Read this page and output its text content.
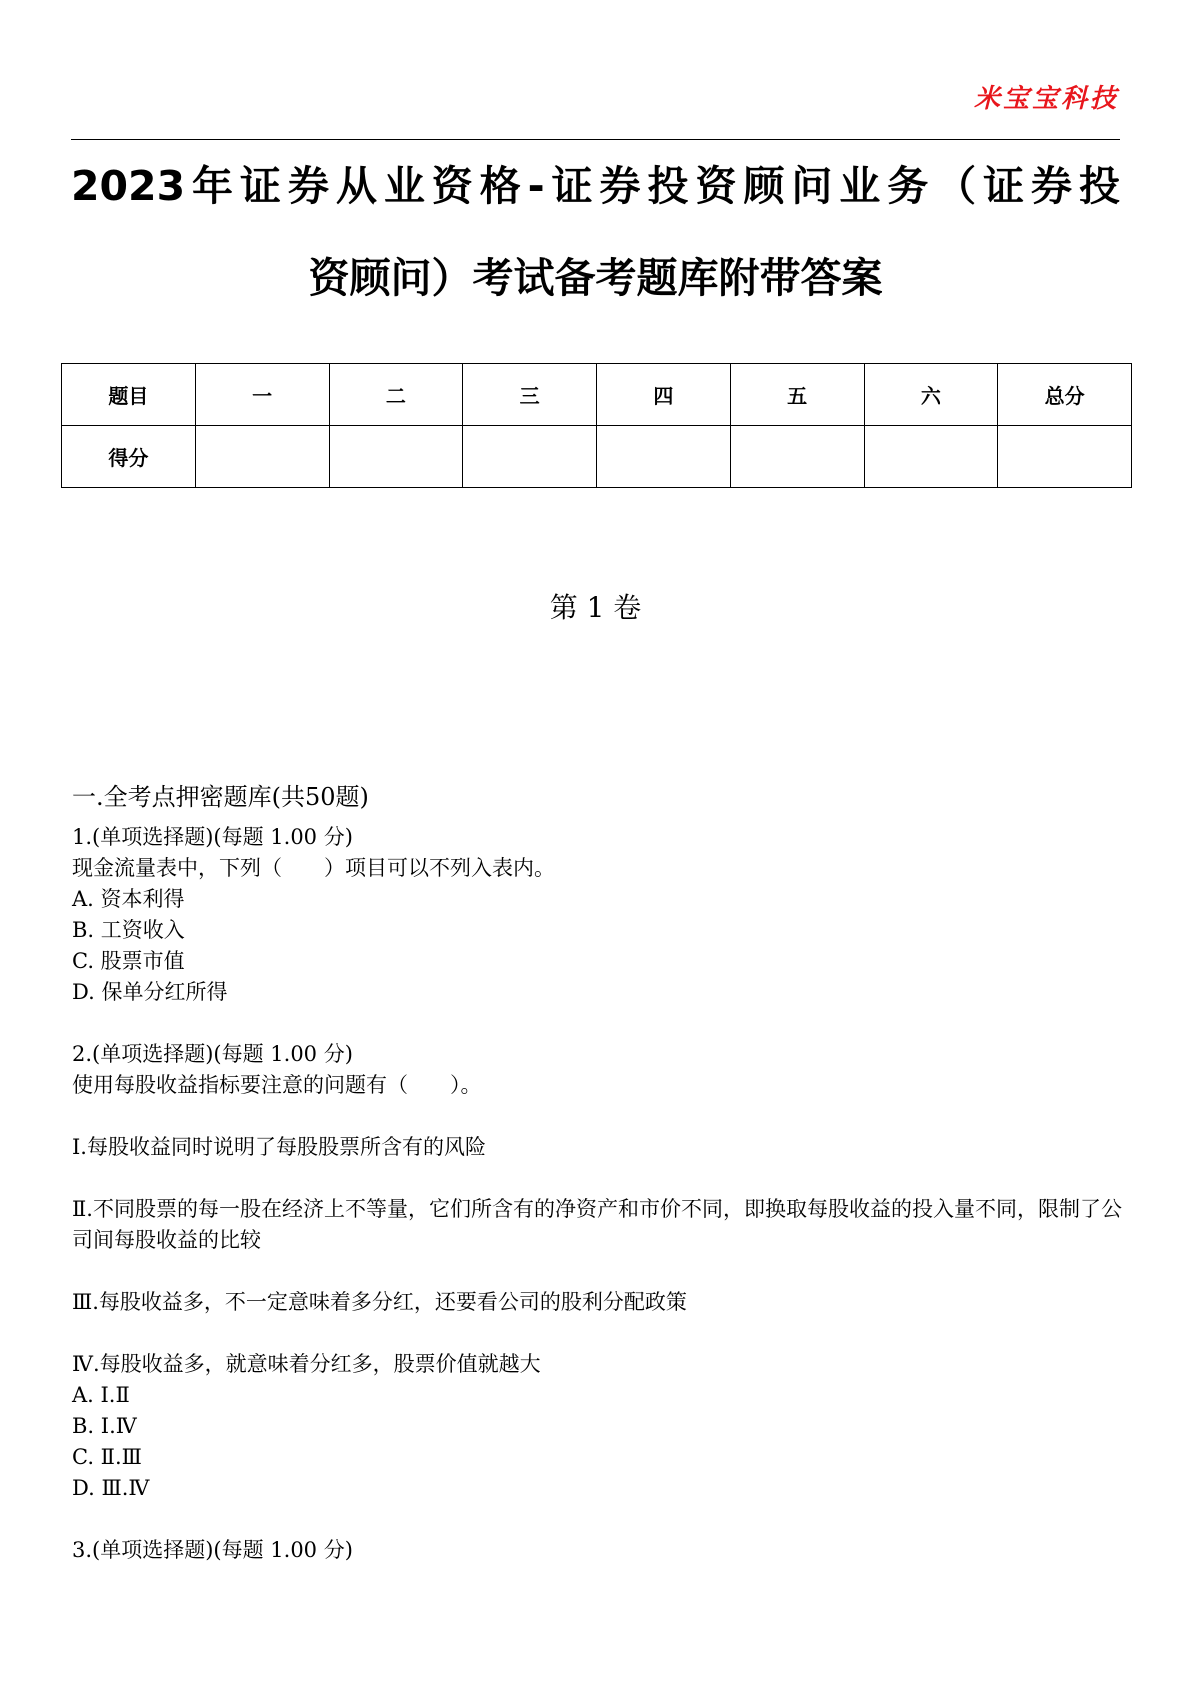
米宝宝科技
2023年证券从业资格-证券投资顾问业务（证券投
资顾问）考试备考题库附带答案
题目	一	二	三	四	五	六	总分
得分							
第 1 卷
一.全考点押密题库(共50题)
1.(单项选择题)(每题 1.00 分)
现金流量表中，下列（　　）项目可以不列入表内。
A. 资本利得
B. 工资收入
C. 股票市值
D. 保单分红所得
2.(单项选择题)(每题 1.00 分)
使用每股收益指标要注意的问题有（　　）。
Ⅰ.每股收益同时说明了每股股票所含有的风险
Ⅱ.不同股票的每一股在经济上不等量，它们所含有的净资产和市价不同，即换取每股收益的投入量不同，限制了公司间每股收益的比较
Ⅲ.每股收益多，不一定意味着多分红，还要看公司的股利分配政策
Ⅳ.每股收益多，就意味着分红多，股票价值就越大
A. Ⅰ.Ⅱ
B. Ⅰ.Ⅳ
C. Ⅱ.Ⅲ
D. Ⅲ.Ⅳ
3.(单项选择题)(每题 1.00 分)
